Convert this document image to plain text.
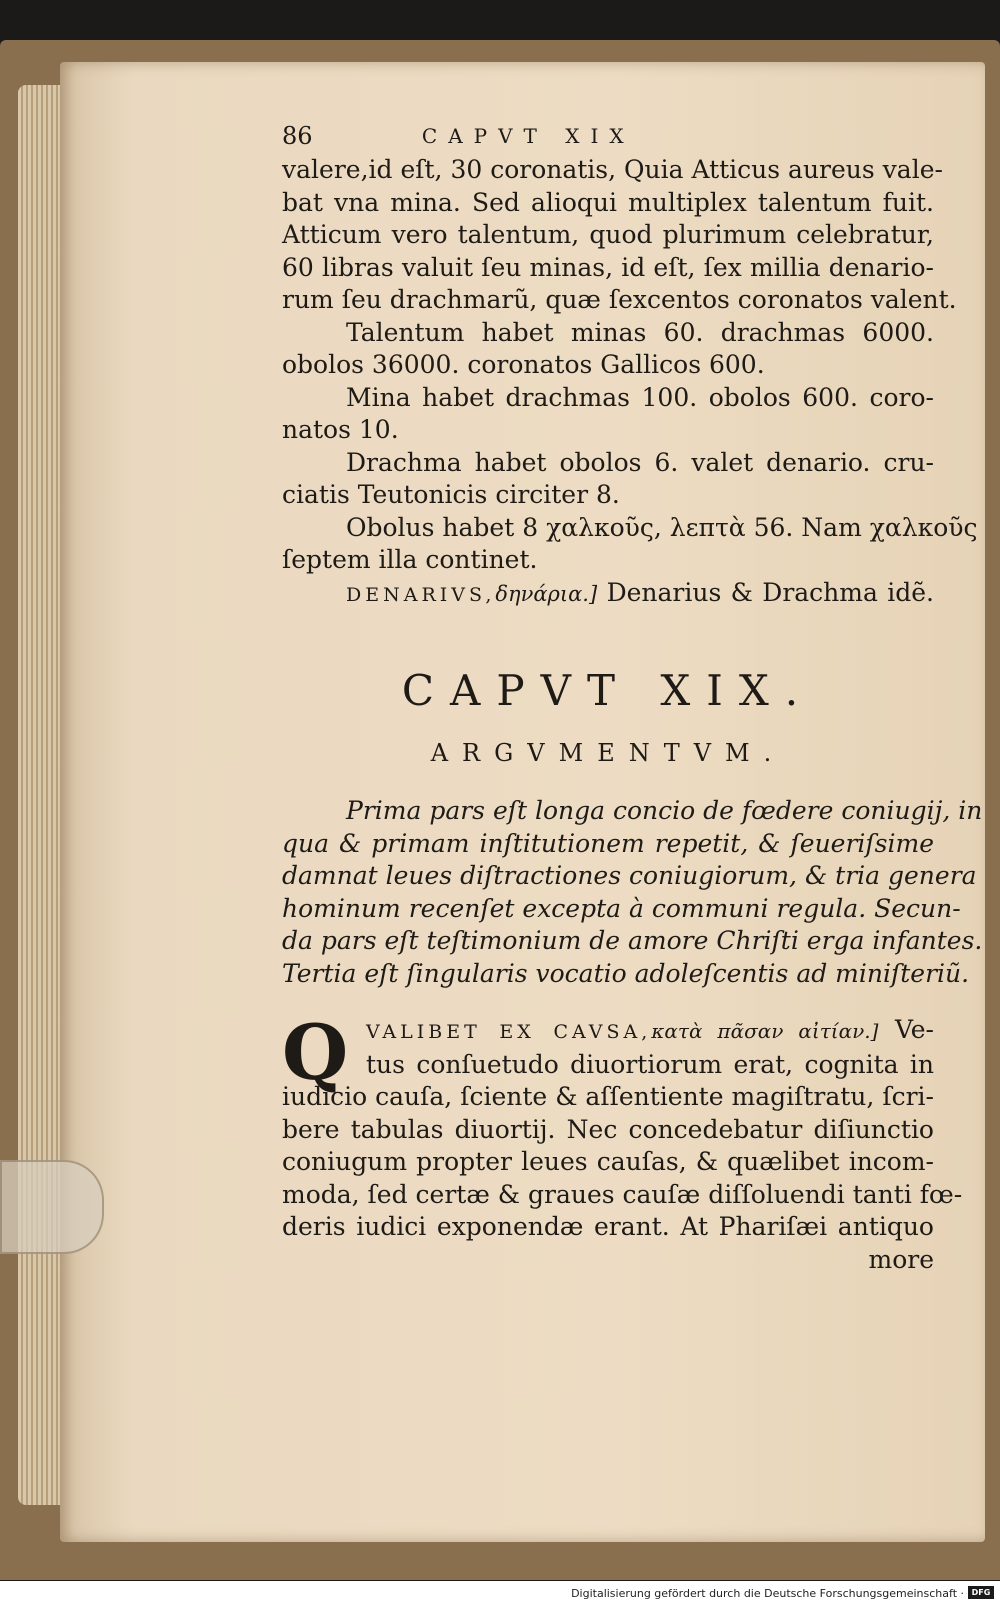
86	CAPVT XIX
valere,id eſt, 30 coronatis, Quia Atticus aureus vale-
bat vna mina. Sed alioqui multiplex talentum fuit.
Atticum vero talentum, quod plurimum celebratur,
60 libras valuit ſeu minas, id eſt, ſex millia denario-
rum ſeu drachmarũ, quæ ſexcentos coronatos valent.
Talentum habet minas 60. drachmas 6000.
obolos 36000. coronatos Gallicos 600.
Mina habet drachmas 100. obolos 600. coro-
natos 10.
Drachma habet obolos 6. valet denario. cru-
ciatis Teutonicis circiter 8.
Obolus habet 8 χαλκοῦς, λεπτὰ 56. Nam χαλκοῦς
ſeptem illa continet.
DENARIVS,δηνάρια.] Denarius & Drachma idẽ.
CAPVT XIX.
ARGVMENTVM.
Prima pars eſt longa concio de fœdere coniugij, in
qua & primam inſtitutionem repetit, & ſeueriſsime
damnat leues diſtractiones coniugiorum, & tria genera
hominum recenſet excepta à communi regula. Secun-
da pars eſt teſtimonium de amore Chriſti erga infantes.
Tertia eſt ſingularis vocatio adoleſcentis ad miniſteriũ.
Q VALIBET EX CAVSA,κατὰ πᾶσαν αἰτίαν.] Ve-
tus conſuetudo diuortiorum erat, cognita in
iudicio cauſa, ſciente & aſſentiente magiſtratu, ſcri-
bere tabulas diuortij. Nec concedebatur diſiunctio
coniugum propter leues cauſas, & quælibet incom-
moda, ſed certæ & graues cauſæ diſſoluendi tanti fœ-
deris iudici exponendæ erant. At Phariſæi antiquo
more
Digitalisierung gefördert durch die Deutsche Forschungsgemeinschaft · DFG
